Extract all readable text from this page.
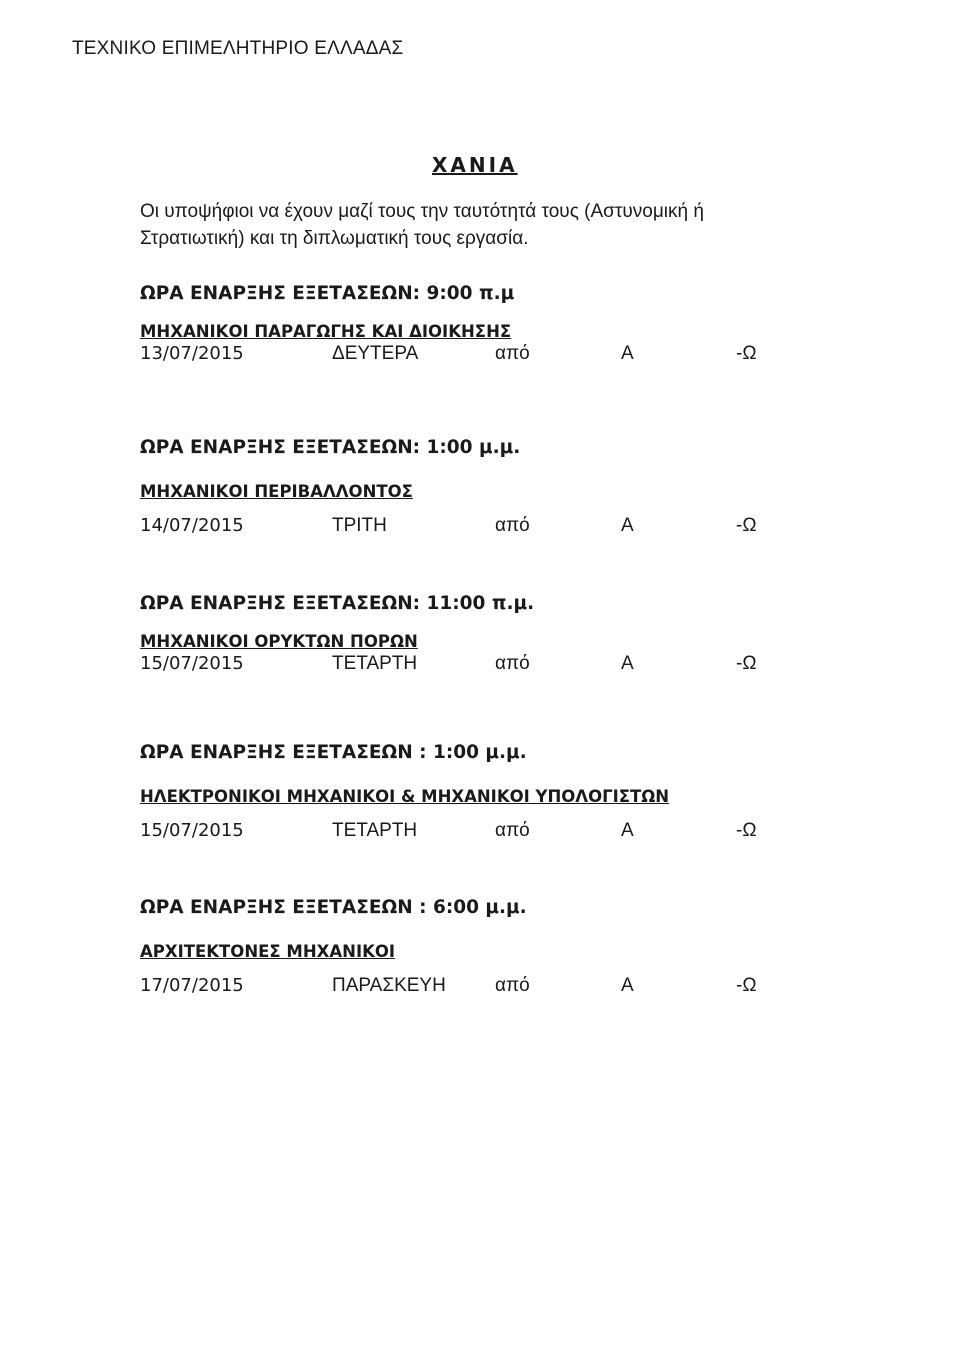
ΤΕΧΝΙΚΟ ΕΠΙΜΕΛΗΤΗΡΙΟ ΕΛΛΑΔΑΣ
ΧΑΝΙΑ
Οι υποψήφιοι να έχουν μαζί τους την ταυτότητά τους (Αστυνομική ή Στρατιωτική) και τη διπλωματική τους εργασία.
ΩΡΑ ΕΝΑΡΞΗΣ ΕΞΕΤΑΣΕΩΝ: 9:00 π.μ
ΜΗΧΑΝΙΚΟΙ ΠΑΡΑΓΩΓΗΣ ΚΑΙ ΔΙΟΙΚΗΣΗΣ
13/07/2015	ΔΕΥΤΕΡΑ	από	Α	-Ω
ΩΡΑ ΕΝΑΡΞΗΣ ΕΞΕΤΑΣΕΩΝ: 1:00 μ.μ.
ΜΗΧΑΝΙΚΟΙ ΠΕΡΙΒΑΛΛΟΝΤΟΣ
14/07/2015	ΤΡΙΤΗ	από	Α	-Ω
ΩΡΑ ΕΝΑΡΞΗΣ ΕΞΕΤΑΣΕΩΝ: 11:00 π.μ.
ΜΗΧΑΝΙΚΟΙ ΟΡΥΚΤΩΝ ΠΟΡΩΝ
15/07/2015	ΤΕΤΑΡΤΗ	από	Α	-Ω
ΩΡΑ ΕΝΑΡΞΗΣ ΕΞΕΤΑΣΕΩΝ : 1:00 μ.μ.
ΗΛΕΚΤΡΟΝΙΚΟΙ ΜΗΧΑΝΙΚΟΙ & ΜΗΧΑΝΙΚΟΙ ΥΠΟΛΟΓΙΣΤΩΝ
15/07/2015	ΤΕΤΑΡΤΗ	από	Α	-Ω
ΩΡΑ ΕΝΑΡΞΗΣ ΕΞΕΤΑΣΕΩΝ : 6:00 μ.μ.
ΑΡΧΙΤΕΚΤΟΝΕΣ ΜΗΧΑΝΙΚΟΙ
17/07/2015	ΠΑΡΑΣΚΕΥΗ	από	Α	-Ω
